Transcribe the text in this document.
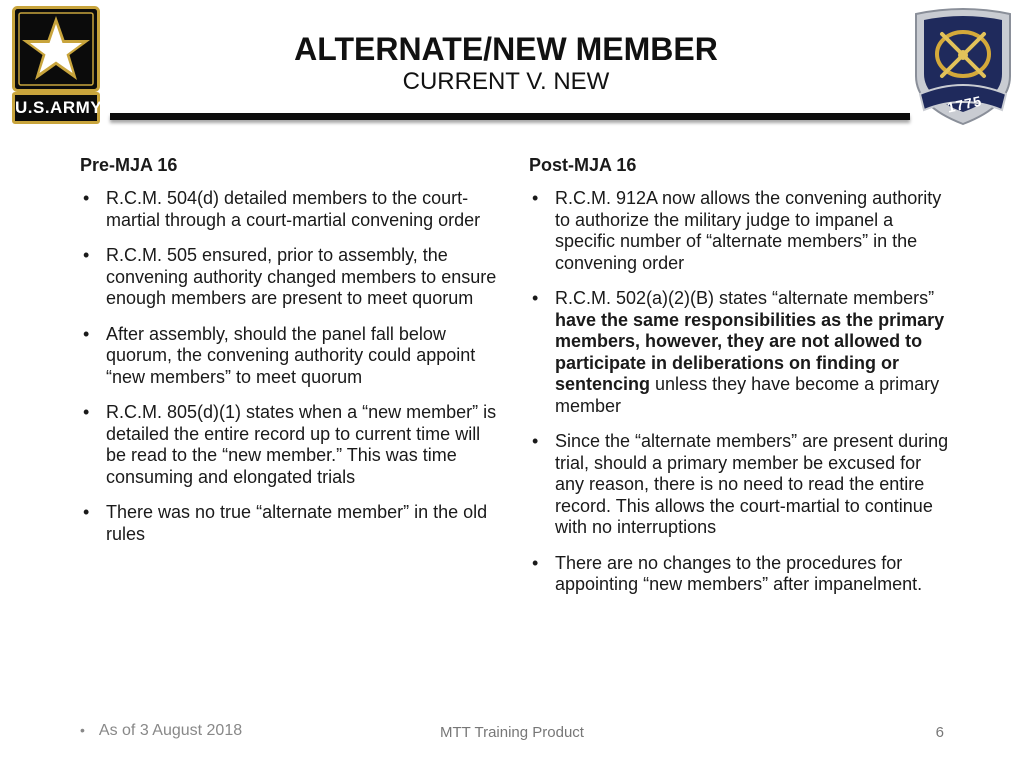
U.S.ARMY
ALTERNATE/NEW MEMBER
CURRENT V. NEW
1775
Pre-MJA 16
• R.C.M. 504(d) detailed members to the court-martial through a court-martial convening order
• R.C.M. 505 ensured, prior to assembly, the convening authority changed members to ensure enough members are present to meet quorum
• After assembly, should the panel fall below quorum, the convening authority could appoint “new members” to meet quorum
• R.C.M. 805(d)(1) states when a “new member” is detailed the entire record up to current time will be read to the “new member.” This was time consuming and elongated trials
• There was no true “alternate member” in the old rules
Post-MJA 16
• R.C.M. 912A now allows the convening authority to authorize the military judge to impanel a specific number of “alternate members” in the convening order
• R.C.M. 502(a)(2)(B) states “alternate members” have the same responsibilities as the primary members, however, they are not allowed to participate in deliberations on finding or sentencing unless they have become a primary member
• Since the “alternate members” are present during trial, should a primary member be excused for any reason, there is no need to read the entire record. This allows the court-martial to continue with no interruptions
• There are no changes to the procedures for appointing “new members” after impanelment.
• As of 3 August 2018	MTT Training Product	6
